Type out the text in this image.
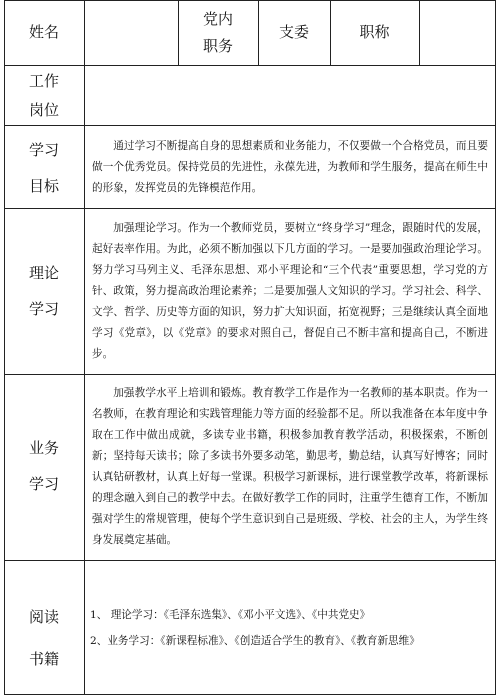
姓名
党内
职务
支委	职称
工作
岗位
学习
目标
通过学习不断提高自身的思想素质和业务能力，不仅要做一个合格党员，而且要做一个优秀党员。保持党员的先进性，永葆先进，为教师和学生服务，提高在师生中的形象，发挥党员的先锋模范作用。
理论
学习
加强理论学习。作为一个教师党员，要树立“终身学习”理念，跟随时代的发展，起好表率作用。为此，必须不断加强以下几方面的学习。一是要加强政治理论学习。努力学习马列主义、毛泽东思想、邓小平理论和“三个代表”重要思想，学习党的方针、政策，努力提高政治理论素养；二是要加强人文知识的学习。学习社会、科学、文学、哲学、历史等方面的知识，努力扩大知识面，拓宽视野；三是继续认真全面地学习《党章》，以《党章》的要求对照自己，督促自己不断丰富和提高自己，不断进步。
业务
学习
加强教学水平上培训和锻炼。教育教学工作是作为一名教师的基本职责。作为一名教师，在教育理论和实践管理能力等方面的经验都不足。所以我准备在本年度中争取在工作中做出成就，多读专业书籍，积极参加教育教学活动，积极探索，不断创新；坚持每天读书；除了多读书外要多动笔，勤思考，勤总结，认真写好博客；同时认真钻研教材，认真上好每一堂课。积极学习新课标，进行课堂教学改革，将新课标的理念融入到自己的教学中去。在做好教学工作的同时，注重学生德育工作，不断加强对学生的常规管理，使每个学生意识到自己是班级、学校、社会的主人，为学生终身发展奠定基础。
阅读
书籍
1、 理论学习：《毛泽东选集》、《邓小平文选》、《中共党史》
2、业务学习：《新课程标准》、《创造适合学生的教育》、《教育新思维》
